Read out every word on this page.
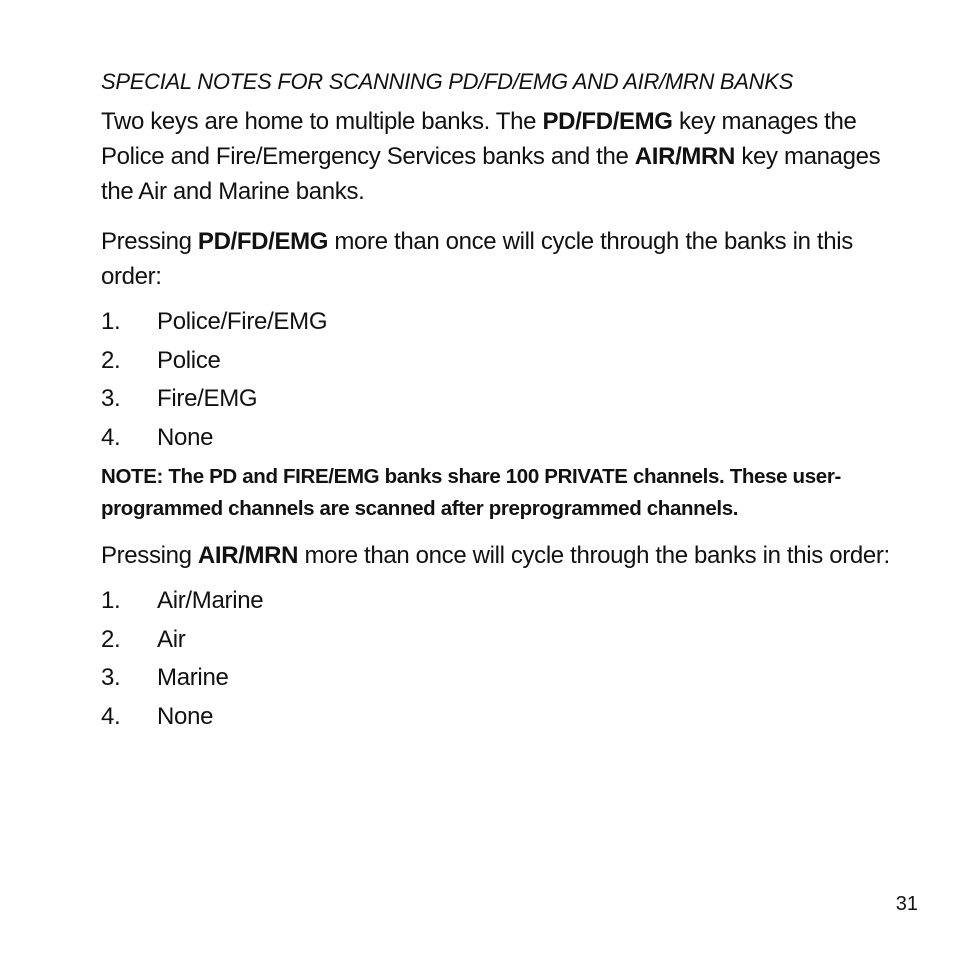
SPECIAL NOTES FOR SCANNING PD/FD/EMG AND AIR/MRN BANKS

Two keys are home to multiple banks. The PD/FD/EMG key manages the Police and Fire/Emergency Services banks and the AIR/MRN key manages the Air and Marine banks.

Pressing PD/FD/EMG more than once will cycle through the banks in this order:

1.	Police/Fire/EMG
2.	Police
3.	Fire/EMG
4.	None

NOTE: The PD and FIRE/EMG banks share 100 PRIVATE channels. These user-programmed channels are scanned after preprogrammed channels.

Pressing AIR/MRN more than once will cycle through the banks in this order:

1.	Air/Marine
2.	Air
3.	Marine
4.	None
31
